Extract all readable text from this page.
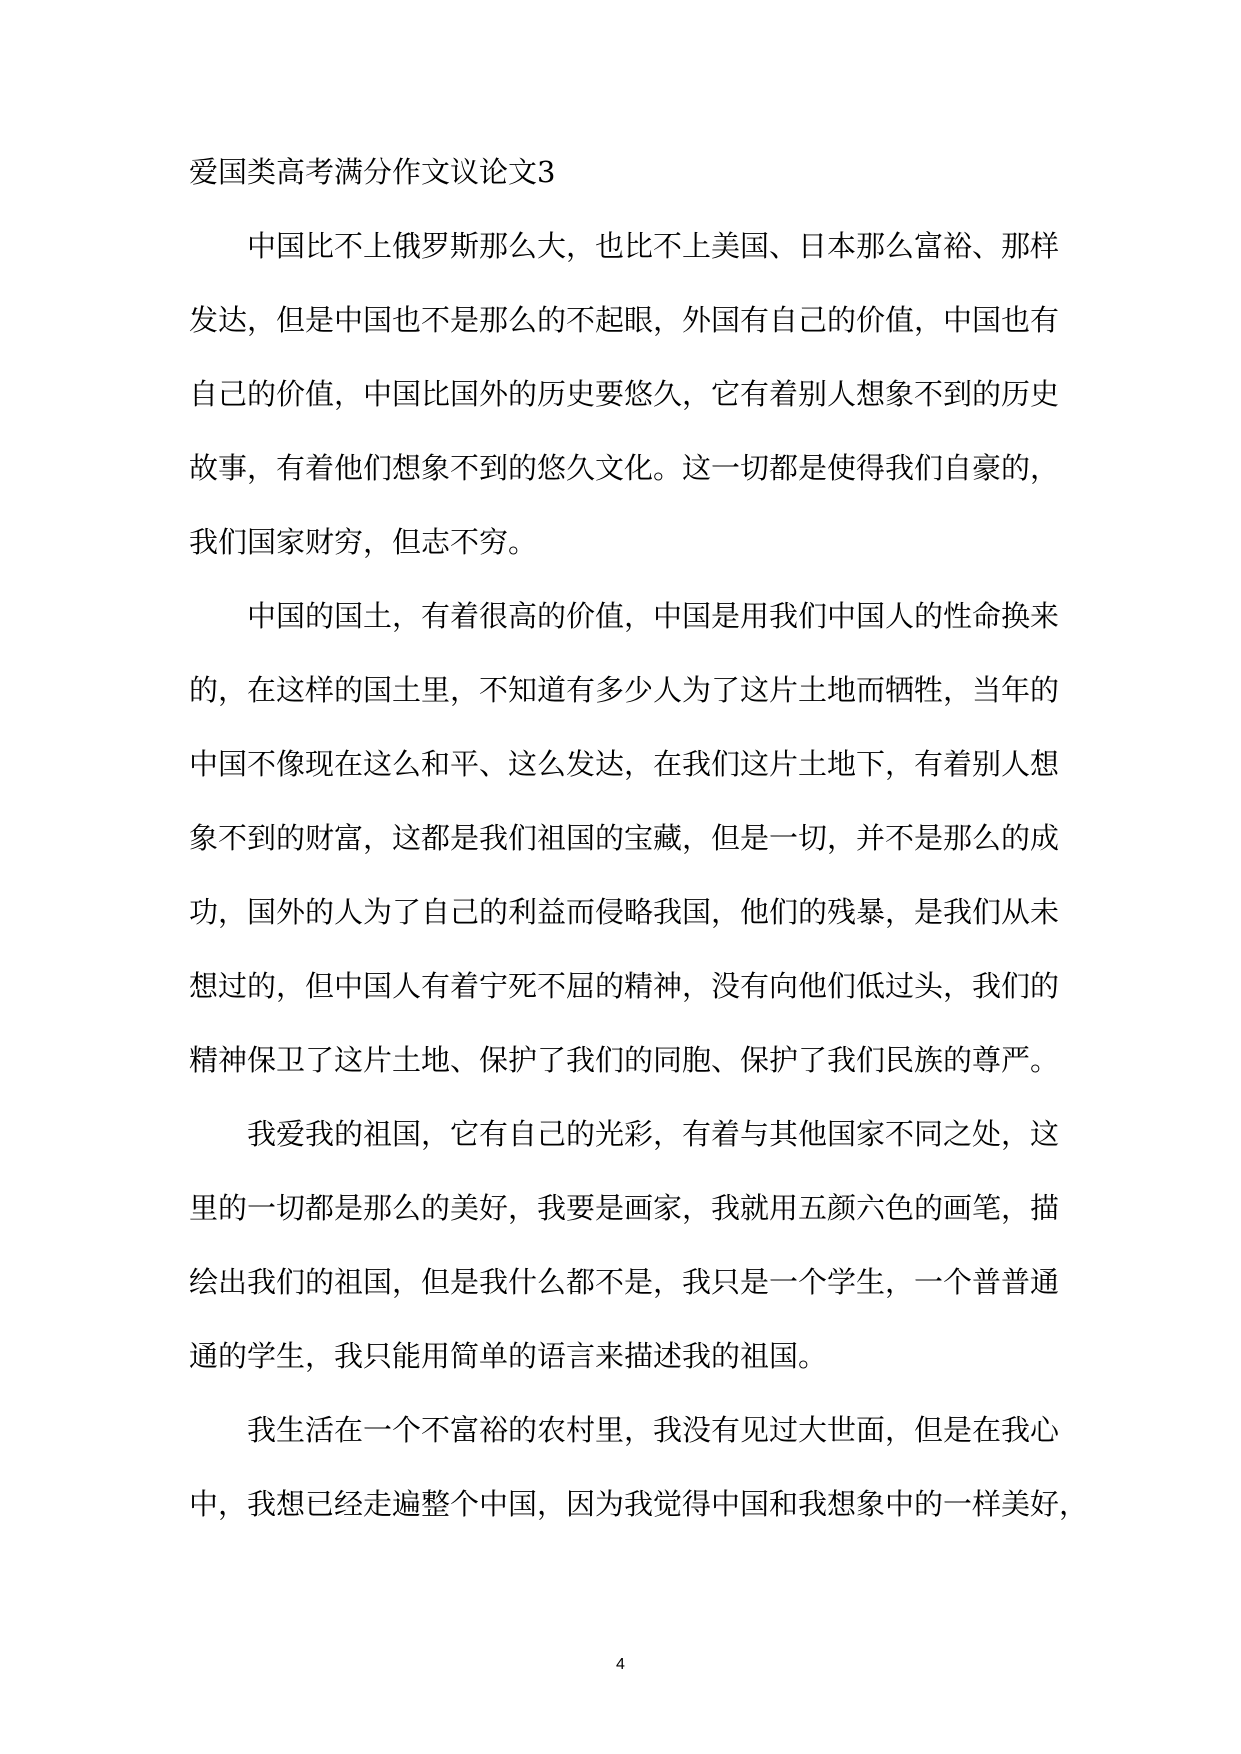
爱国类高考满分作文议论文3
中国比不上俄罗斯那么大，也比不上美国、日本那么富裕、那样
发达，但是中国也不是那么的不起眼，外国有自己的价值，中国也有
自己的价值，中国比国外的历史要悠久，它有着别人想象不到的历史
故事，有着他们想象不到的悠久文化。这一切都是使得我们自豪的，
我们国家财穷，但志不穷。
中国的国土，有着很高的价值，中国是用我们中国人的性命换来
的，在这样的国土里，不知道有多少人为了这片土地而牺牲，当年的
中国不像现在这么和平、这么发达，在我们这片土地下，有着别人想
象不到的财富，这都是我们祖国的宝藏，但是一切，并不是那么的成
功，国外的人为了自己的利益而侵略我国，他们的残暴，是我们从未
想过的，但中国人有着宁死不屈的精神，没有向他们低过头，我们的
精神保卫了这片土地、保护了我们的同胞、保护了我们民族的尊严。
我爱我的祖国，它有自己的光彩，有着与其他国家不同之处，这
里的一切都是那么的美好，我要是画家，我就用五颜六色的画笔，描
绘出我们的祖国，但是我什么都不是，我只是一个学生，一个普普通
通的学生，我只能用简单的语言来描述我的祖国。
我生活在一个不富裕的农村里，我没有见过大世面，但是在我心
中，我想已经走遍整个中国，因为我觉得中国和我想象中的一样美好，
4
